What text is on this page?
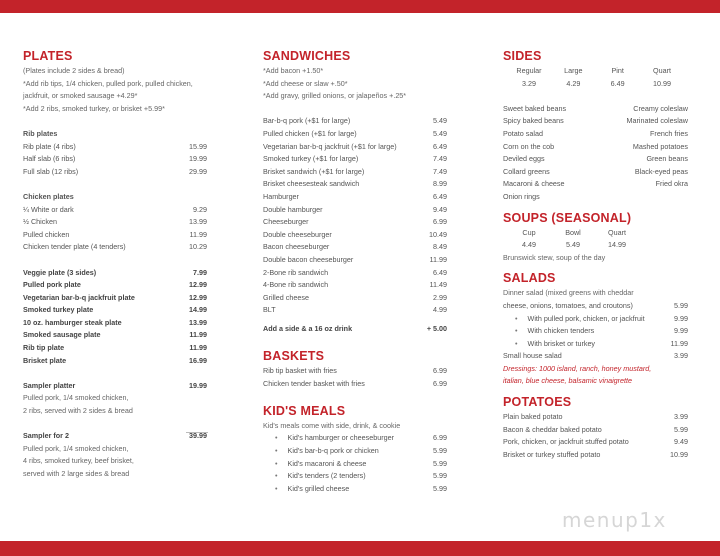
PLATES
(Plates include 2 sides & bread)
*Add rib tips, 1/4 chicken, pulled pork, pulled chicken,
jackfruit, or smoked sausage +4.29*
*Add 2 ribs, smoked turkey, or brisket +5.99*
Rib plates
Rib plate (4 ribs)	15.99
Half slab (6 ribs)	19.99
Full slab (12 ribs)	29.99
Chicken plates
¼ White or dark	9.29
½ Chicken	13.99
Pulled chicken	11.99
Chicken tender plate (4 tenders)	10.29
Veggie plate (3 sides)	7.99
Pulled pork plate	12.99
Vegetarian bar-b-q jackfruit plate	12.99
Smoked turkey plate	14.99
10 oz. hamburger steak plate	13.99
Smoked sausage plate	11.99
Rib tip plate	11.99
Brisket plate	16.99
Sampler platter	19.99
Pulled pork, 1/4 smoked chicken,
2 ribs, served with 2 sides & bread
Sampler for 2	39.99
Pulled pork, 1/4 smoked chicken,
4 ribs, smoked turkey, beef brisket,
served with 2 large sides & bread
SANDWICHES
*Add bacon +1.50*
*Add cheese or slaw +.50*
*Add gravy, grilled onions, or jalapeños +.25*
Bar-b-q pork (+$1 for large)	5.49
Pulled chicken (+$1 for large)	5.49
Vegetarian bar-b-q jackfruit (+$1 for large)	6.49
Smoked turkey (+$1 for large)	7.49
Brisket sandwich (+$1 for large)	7.49
Brisket cheesesteak sandwich	8.99
Hamburger	6.49
Double hamburger	9.49
Cheeseburger	6.99
Double cheeseburger	10.49
Bacon cheeseburger	8.49
Double bacon cheeseburger	11.99
2-Bone rib sandwich	6.49
4-Bone rib sandwich	11.49
Grilled cheese	2.99
BLT	4.99
Add a side & a 16 oz drink	+ 5.00
BASKETS
Rib tip basket with fries	6.99
Chicken tender basket with fries	6.99
KID'S MEALS
Kid's meals come with side, drink, & cookie
• Kid's hamburger or cheeseburger	6.99
• Kid's bar-b-q pork or chicken	5.99
• Kid's macaroni & cheese	5.99
• Kid's tenders (2 tenders)	5.99
• Kid's grilled cheese	5.99
SIDES
Regular	Large	Pint	Quart
3.29	4.29	6.49	10.99
Sweet baked beans	Creamy coleslaw
Spicy baked beans	Marinated coleslaw
Potato salad	French fries
Corn on the cob	Mashed potatoes
Deviled eggs	Green beans
Collard greens	Black-eyed peas
Macaroni & cheese	Fried okra
Onion rings
SOUPS (SEASONAL)
Cup	Bowl	Quart
4.49	5.49	14.99
Brunswick stew, soup of the day
SALADS
Dinner salad (mixed greens with cheddar
cheese, onions, tomatoes, and croutons)	5.99
• With pulled pork, chicken, or jackfruit	9.99
• With chicken tenders	9.99
• With brisket or turkey	11.99
Small house salad	3.99
Dressings: 1000 island, ranch, honey mustard,
italian, blue cheese, balsamic vinaigrette
POTATOES
Plain baked potato	3.99
Bacon & cheddar baked potato	5.99
Pork, chicken, or jackfruit stuffed potato	9.49
Brisket or turkey stuffed potato	10.99
menup1x
